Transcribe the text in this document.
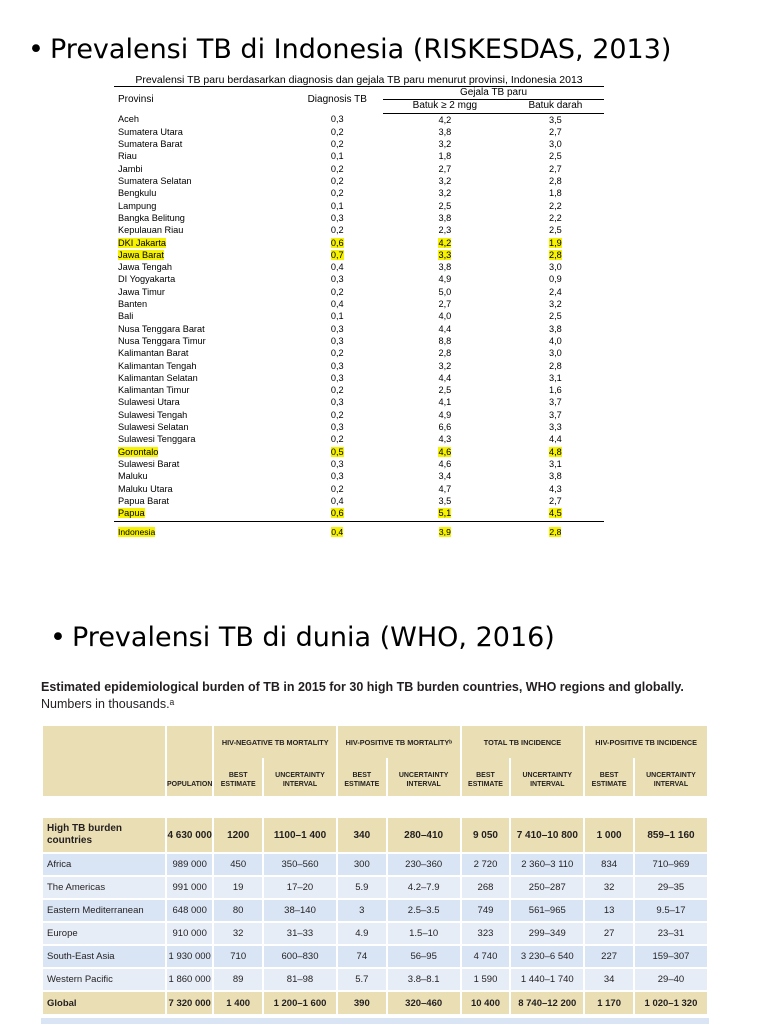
• Prevalensi TB di Indonesia (RISKESDAS, 2013)
Prevalensi TB paru berdasarkan diagnosis dan gejala TB paru menurut provinsi, Indonesia 2013
Provinsi	Diagnosis TB	Gejala TB paru	
		Batuk ≥ 2 mgg	Batuk darah
Aceh	0,3	4,2	3,5
Sumatera Utara	0,2	3,8	2,7
Sumatera Barat	0,2	3,2	3,0
Riau	0,1	1,8	2,5
Jambi	0,2	2,7	2,7
Sumatera Selatan	0,2	3,2	2,8
Bengkulu	0,2	3,2	1,8
Lampung	0,1	2,5	2,2
Bangka Belitung	0,3	3,8	2,2
Kepulauan Riau	0,2	2,3	2,5
DKI Jakarta	0,6	4,2	1,9
Jawa Barat	0,7	3,3	2,8
Jawa Tengah	0,4	3,8	3,0
DI Yogyakarta	0,3	4,9	0,9
Jawa Timur	0,2	5,0	2,4
Banten	0,4	2,7	3,2
Bali	0,1	4,0	2,5
Nusa Tenggara Barat	0,3	4,4	3,8
Nusa Tenggara Timur	0,3	8,8	4,0
Kalimantan Barat	0,2	2,8	3,0
Kalimantan Tengah	0,3	3,2	2,8
Kalimantan Selatan	0,3	4,4	3,1
Kalimantan Timur	0,2	2,5	1,6
Sulawesi Utara	0,3	4,1	3,7
Sulawesi Tengah	0,2	4,9	3,7
Sulawesi Selatan	0,3	6,6	3,3
Sulawesi Tenggara	0,2	4,3	4,4
Gorontalo	0,5	4,6	4,8
Sulawesi Barat	0,3	4,6	3,1
Maluku	0,3	3,4	3,8
Maluku Utara	0,2	4,7	4,3
Papua Barat	0,4	3,5	2,7
Papua	0,6	5,1	4,5
Indonesia	0,4	3,9	2,8
• Prevalensi TB di dunia (WHO, 2016)
Estimated epidemiological burden of TB in 2015 for 30 high TB burden countries, WHO regions and globally.
Numbers in thousands.ᵃ
		HIV-NEGATIVE TB MORTALITY		HIV-POSITIVE TB MORTALITYᵇ		TOTAL TB INCIDENCE		HIV-POSITIVE TB INCIDENCE	
	POPULATION	BEST ESTIMATE	UNCERTAINTY INTERVAL	BEST ESTIMATE	UNCERTAINTY INTERVAL	BEST ESTIMATE	UNCERTAINTY INTERVAL	BEST ESTIMATE	UNCERTAINTY INTERVAL

High TB burden countries	4 630 000	1200	1100–1 400	340	280–410	9 050	7 410–10 800	1 000	859–1 160
Africa	989 000	450	350–560	300	230–360	2 720	2 360–3 110	834	710–969
The Americas	991 000	19	17–20	5.9	4.2–7.9	268	250–287	32	29–35
Eastern Mediterranean	648 000	80	38–140	3	2.5–3.5	749	561–965	13	9.5–17
Europe	910 000	32	31–33	4.9	1.5–10	323	299–349	27	23–31
South-East Asia	1 930 000	710	600–830	74	56–95	4 740	3 230–6 540	227	159–307
Western Pacific	1 860 000	89	81–98	5.7	3.8–8.1	1 590	1 440–1 740	34	29–40
Global	7 320 000	1 400	1 200–1 600	390	320–460	10 400	8 740–12 200	1 170	1 020–1 320
